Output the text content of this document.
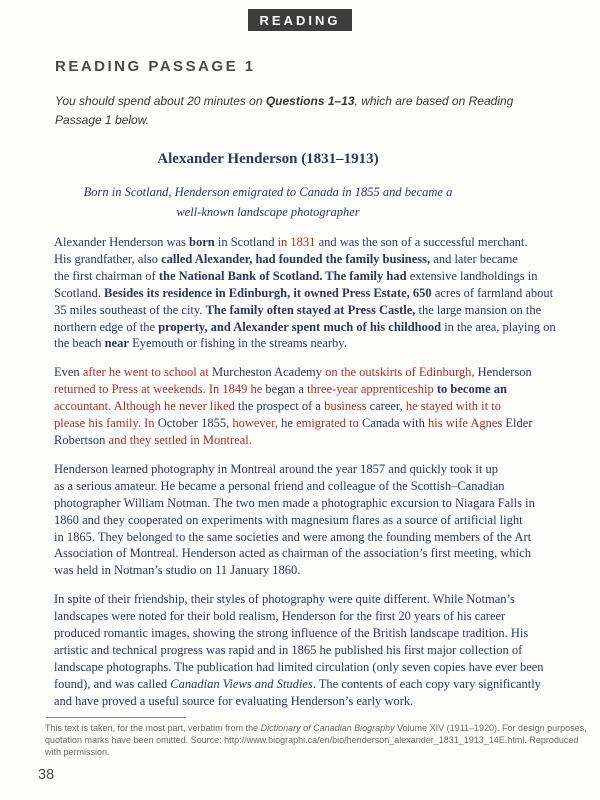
READING
READING PASSAGE 1
You should spend about 20 minutes on Questions 1–13, which are based on Reading
Passage 1 below.
Alexander Henderson (1831–1913)
Born in Scotland, Henderson emigrated to Canada in 1855 and became a
well-known landscape photographer
Alexander Henderson was born in Scotland in 1831 and was the son of a successful merchant.
His grandfather, also called Alexander, had founded the family business, and later became
the first chairman of the National Bank of Scotland. The family had extensive landholdings in
Scotland. Besides its residence in Edinburgh, it owned Press Estate, 650 acres of farmland about
35 miles southeast of the city. The family often stayed at Press Castle, the large mansion on the
northern edge of the property, and Alexander spent much of his childhood in the area, playing on
the beach near Eyemouth or fishing in the streams nearby.
Even after he went to school at Murcheston Academy on the outskirts of Edinburgh, Henderson
returned to Press at weekends. In 1849 he began a three-year apprenticeship to become an
accountant. Although he never liked the prospect of a business career, he stayed with it to
please his family. In October 1855, however, he emigrated to Canada with his wife Agnes Elder
Robertson and they settled in Montreal.
Henderson learned photography in Montreal around the year 1857 and quickly took it up
as a serious amateur. He became a personal friend and colleague of the Scottish–Canadian
photographer William Notman. The two men made a photographic excursion to Niagara Falls in
1860 and they cooperated on experiments with magnesium flares as a source of artificial light
in 1865. They belonged to the same societies and were among the founding members of the Art
Association of Montreal. Henderson acted as chairman of the association’s first meeting, which
was held in Notman’s studio on 11 January 1860.
In spite of their friendship, their styles of photography were quite different. While Notman’s
landscapes were noted for their bold realism, Henderson for the first 20 years of his career
produced romantic images, showing the strong influence of the British landscape tradition. His
artistic and technical progress was rapid and in 1865 he published his first major collection of
landscape photographs. The publication had limited circulation (only seven copies have ever been
found), and was called Canadian Views and Studies. The contents of each copy vary significantly
and have proved a useful source for evaluating Henderson’s early work.
This text is taken, for the most part, verbatim from the Dictionary of Canadian Biography Volume XIV (1911–1920). For design purposes,
quotation marks have been omitted. Source: http://www.biographi.ca/en/bio/henderson_alexander_1831_1913_14E.html. Reproduced
with permission.
38
